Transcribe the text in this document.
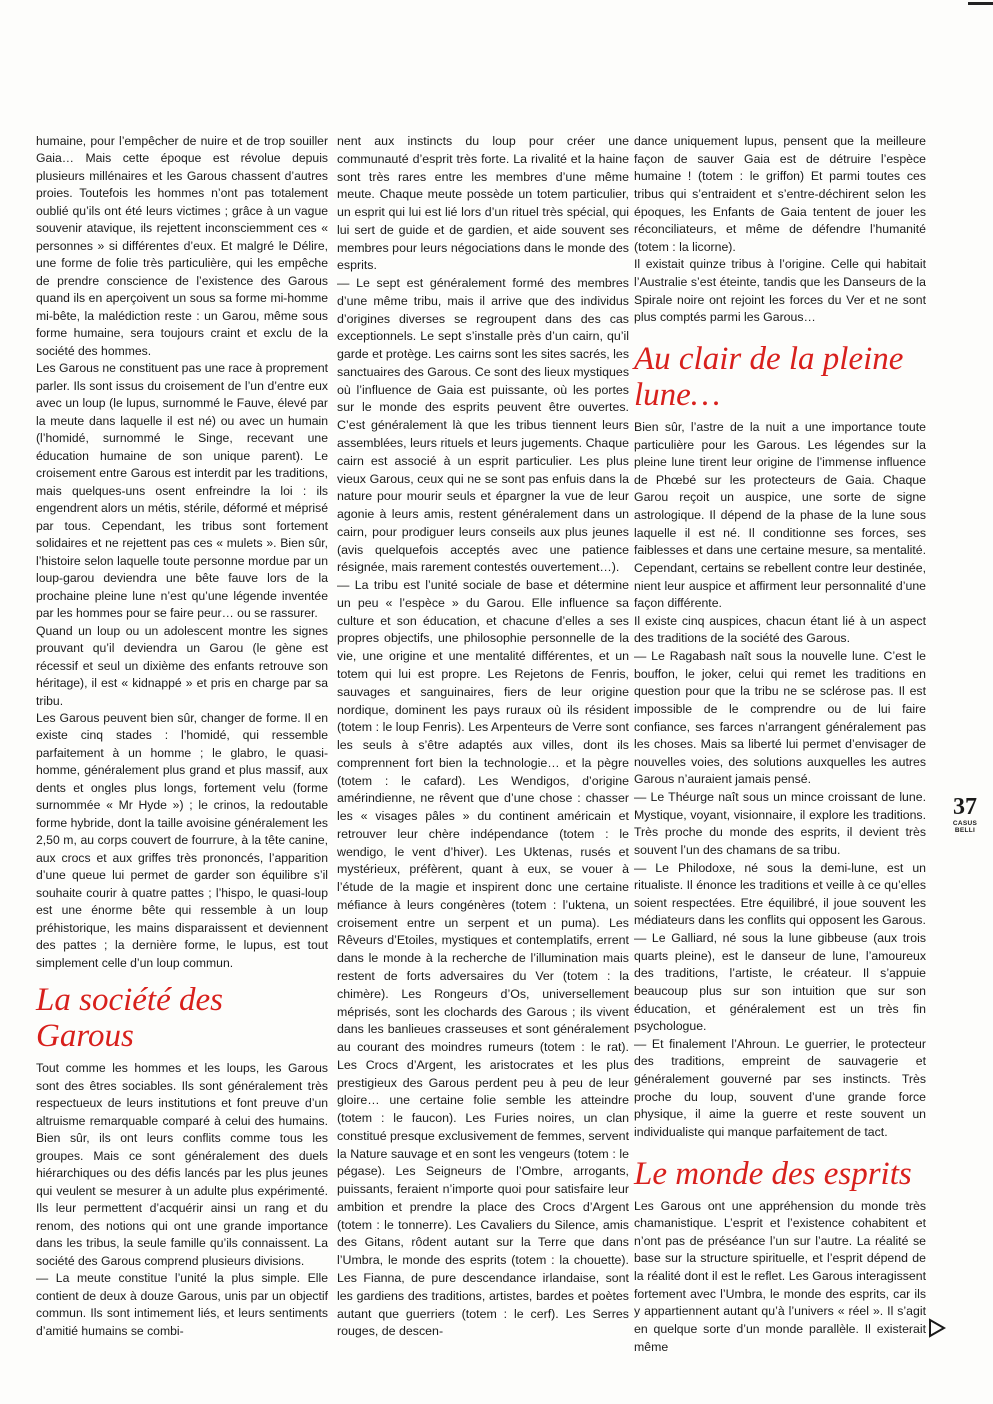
humaine, pour l’empêcher de nuire et de trop souiller Gaia… Mais cette époque est révolue depuis plusieurs millénaires et les Garous chassent d’autres proies. Toutefois les hommes n’ont pas totalement oublié qu’ils ont été leurs victimes ; grâce à un vague souvenir atavique, ils rejettent inconsciemment ces « personnes » si différentes d’eux. Et malgré le Délire, une forme de folie très particulière, qui les empêche de prendre conscience de l’existence des Garous quand ils en aperçoivent un sous sa forme mi-homme mi-bête, la malédiction reste : un Garou, même sous forme humaine, sera toujours craint et exclu de la société des hommes.

Les Garous ne constituent pas une race à proprement parler. Ils sont issus du croisement de l’un d’entre eux avec un loup (le lupus, surnommé le Fauve, élevé par la meute dans laquelle il est né) ou avec un humain (l’homidé, surnommé le Singe, recevant une éducation humaine de son unique parent). Le croisement entre Garous est interdit par les traditions, mais quelques-uns osent enfreindre la loi : ils engendrent alors un métis, stérile, déformé et méprisé par tous. Cependant, les tribus sont fortement solidaires et ne rejettent pas ces « mulets ». Bien sûr, l’histoire selon laquelle toute personne mordue par un loup-garou deviendra une bête fauve lors de la prochaine pleine lune n’est qu’une légende inventée par les hommes pour se faire peur… ou se rassurer.

Quand un loup ou un adolescent montre les signes prouvant qu’il deviendra un Garou (le gène est récessif et seul un dixième des enfants retrouve son héritage), il est « kidnappé » et pris en charge par sa tribu.

Les Garous peuvent bien sûr, changer de forme. Il en existe cinq stades : l’homidé, qui ressemble parfaitement à un homme ; le glabro, le quasi-homme, généralement plus grand et plus massif, aux dents et ongles plus longs, fortement velu (forme surnommée « Mr Hyde ») ; le crinos, la redoutable forme hybride, dont la taille avoisine généralement les 2,50 m, au corps couvert de fourrure, à la tête canine, aux crocs et aux griffes très prononcés, l’apparition d’une queue lui permet de garder son équilibre s’il souhaite courir à quatre pattes ; l’hispo, le quasi-loup est une énorme bête qui ressemble à un loup préhistorique, les mains disparaissent et deviennent des pattes ; la dernière forme, le lupus, est tout simplement celle d’un loup commun.

La société des Garous

Tout comme les hommes et les loups, les Garous sont des êtres sociables. Ils sont généralement très respectueux de leurs institutions et font preuve d’un altruisme remarquable comparé à celui des humains. Bien sûr, ils ont leurs conflits comme tous les groupes. Mais ce sont généralement des duels hiérarchiques ou des défis lancés par les plus jeunes qui veulent se mesurer à un adulte plus expérimenté. Ils leur permettent d’acquérir ainsi un rang et du renom, des notions qui ont une grande importance dans les tribus, la seule famille qu’ils connaissent. La société des Garous comprend plusieurs divisions.

— La meute constitue l’unité la plus simple. Elle contient de deux à douze Garous, unis par un objectif commun. Ils sont intimement liés, et leurs sentiments d’amitié humains se combi-

nent aux instincts du loup pour créer une communauté d’esprit très forte. La rivalité et la haine sont très rares entre les membres d’une même meute. Chaque meute possède un totem particulier, un esprit qui lui est lié lors d’un rituel très spécial, qui lui sert de guide et de gardien, et aide souvent ses membres pour leurs négociations dans le monde des esprits.

— Le sept est généralement formé des membres d’une même tribu, mais il arrive que des individus d’origines diverses se regroupent dans des cas exceptionnels. Le sept s’installe près d’un cairn, qu’il garde et protège. Les cairns sont les sites sacrés, les sanctuaires des Garous. Ce sont des lieux mystiques où l’influence de Gaia est puissante, où les portes sur le monde des esprits peuvent être ouvertes. C’est généralement là que les tribus tiennent leurs assemblées, leurs rituels et leurs jugements. Chaque cairn est associé à un esprit particulier. Les plus vieux Garous, ceux qui ne se sont pas enfuis dans la nature pour mourir seuls et épargner la vue de leur agonie à leurs amis, restent généralement dans un cairn, pour prodiguer leurs conseils aux plus jeunes (avis quelquefois acceptés avec une patience résignée, mais rarement contestés ouvertement…).

— La tribu est l’unité sociale de base et détermine un peu « l’espèce » du Garou. Elle influence sa culture et son éducation, et chacune d’elles a ses propres objectifs, une philosophie personnelle de la vie, une origine et une mentalité différentes, et un totem qui lui est propre. Les Rejetons de Fenris, sauvages et sanguinaires, fiers de leur origine nordique, dominent les pays ruraux où ils résident (totem : le loup Fenris). Les Arpenteurs de Verre sont les seuls à s’être adaptés aux villes, dont ils comprennent fort bien la technologie… et la pègre (totem : le cafard). Les Wendigos, d’origine amérindienne, ne rêvent que d’une chose : chasser les « visages pâles » du continent américain et retrouver leur chère indépendance (totem : le wendigo, le vent d’hiver). Les Uktenas, rusés et mystérieux, préfèrent, quant à eux, se vouer à l’étude de la magie et inspirent donc une certaine méfiance à leurs congénères (totem : l’uktena, un croisement entre un serpent et un puma). Les Rêveurs d’Etoiles, mystiques et contemplatifs, errent dans le monde à la recherche de l’illumination mais restent de forts adversaires du Ver (totem : la chimère). Les Rongeurs d’Os, universellement méprisés, sont les clochards des Garous ; ils vivent dans les banlieues crasseuses et sont généralement au courant des moindres rumeurs (totem : le rat). Les Crocs d’Argent, les aristocrates et les plus prestigieux des Garous perdent peu à peu de leur gloire… une certaine folie semble les atteindre (totem : le faucon). Les Furies noires, un clan constitué presque exclusivement de femmes, servent la Nature sauvage et en sont les vengeurs (totem : le pégase). Les Seigneurs de l’Ombre, arrogants, puissants, feraient n’importe quoi pour satisfaire leur ambition et prendre la place des Crocs d’Argent (totem : le tonnerre). Les Cavaliers du Silence, amis des Gitans, rôdent autant sur la Terre que dans l’Umbra, le monde des esprits (totem : la chouette). Les Fianna, de pure descendance irlandaise, sont les gardiens des traditions, artistes, bardes et poètes autant que guerriers (totem : le cerf). Les Serres rouges, de descen-

dance uniquement lupus, pensent que la meilleure façon de sauver Gaia est de détruire l’espèce humaine ! (totem : le griffon) Et parmi toutes ces tribus qui s’entraident et s’entre-déchirent selon les époques, les Enfants de Gaia tentent de jouer les réconciliateurs, et même de défendre l’humanité (totem : la licorne).

Il existait quinze tribus à l’origine. Celle qui habitait l’Australie s’est éteinte, tandis que les Danseurs de la Spirale noire ont rejoint les forces du Ver et ne sont plus comptés parmi les Garous…

Au clair de la pleine lune…

Bien sûr, l’astre de la nuit a une importance toute particulière pour les Garous. Les légendes sur la pleine lune tirent leur origine de l’immense influence de Phœbé sur les protecteurs de Gaia. Chaque Garou reçoit un auspice, une sorte de signe astrologique. Il dépend de la phase de la lune sous laquelle il est né. Il conditionne ses forces, ses faiblesses et dans une certaine mesure, sa mentalité. Cependant, certains se rebellent contre leur destinée, nient leur auspice et affirment leur personnalité d’une façon différente.

Il existe cinq auspices, chacun étant lié à un aspect des traditions de la société des Garous.

— Le Ragabash naît sous la nouvelle lune. C’est le bouffon, le joker, celui qui remet les traditions en question pour que la tribu ne se sclérose pas. Il est impossible de le comprendre ou de lui faire confiance, ses farces n’arrangent généralement pas les choses. Mais sa liberté lui permet d’envisager de nouvelles voies, des solutions auxquelles les autres Garous n’auraient jamais pensé.

— Le Théurge naît sous un mince croissant de lune. Mystique, voyant, visionnaire, il explore les traditions. Très proche du monde des esprits, il devient très souvent l’un des chamans de sa tribu.

— Le Philodoxe, né sous la demi-lune, est un ritualiste. Il énonce les traditions et veille à ce qu’elles soient respectées. Etre équilibré, il joue souvent les médiateurs dans les conflits qui opposent les Garous.

— Le Galliard, né sous la lune gibbeuse (aux trois quarts pleine), est le danseur de lune, l’amoureux des traditions, l’artiste, le créateur. Il s’appuie beaucoup plus sur son intuition que sur son éducation, et généralement est un très fin psychologue.

— Et finalement l’Ahroun. Le guerrier, le protecteur des traditions, empreint de sauvagerie et généralement gouverné par ses instincts. Très proche du loup, souvent d’une grande force physique, il aime la guerre et reste souvent un individualiste qui manque parfaitement de tact.

Le monde des esprits

Les Garous ont une appréhension du monde très chamanistique. L’esprit et l’existence cohabitent et n’ont pas de préséance l’un sur l’autre. La réalité se base sur la structure spirituelle, et l’esprit dépend de la réalité dont il est le reflet. Les Garous interagissent fortement avec l’Umbra, le monde des esprits, car ils y appartiennent autant qu’à l’univers « réel ». Il s’agit en quelque sorte d’un monde parallèle. Il existerait même

37
CASUS BELLI
